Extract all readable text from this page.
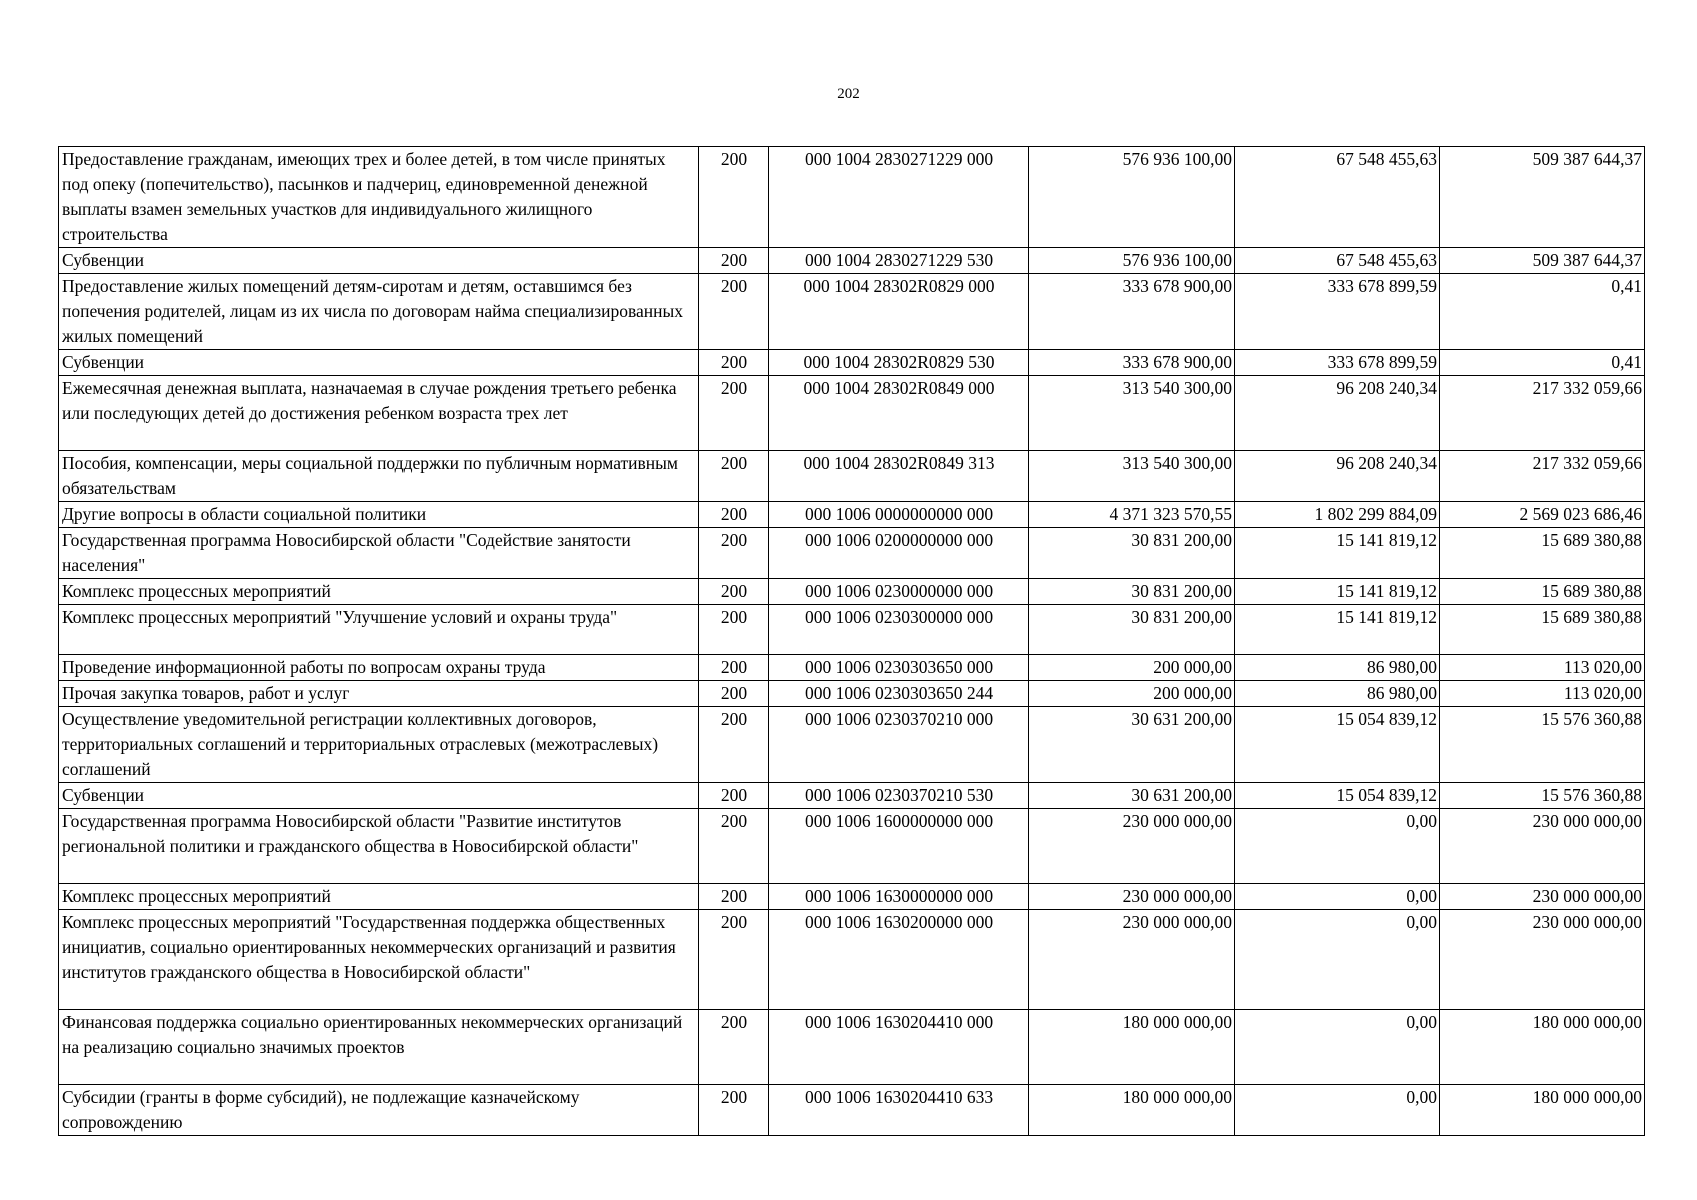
202
Предоставление гражданам, имеющих трех и более детей, в том числе принятых под опеку (попечительство), пасынков и падчериц, единовременной денежной выплаты взамен земельных участков для индивидуального жилищного строительства	200	000 1004 2830271229 000	576 936 100,00	67 548 455,63	509 387 644,37
Субвенции	200	000 1004 2830271229 530	576 936 100,00	67 548 455,63	509 387 644,37
Предоставление жилых помещений детям-сиротам и детям, оставшимся без попечения родителей, лицам из их числа по договорам найма специализированных жилых помещений	200	000 1004 28302R0829 000	333 678 900,00	333 678 899,59	0,41
Субвенции	200	000 1004 28302R0829 530	333 678 900,00	333 678 899,59	0,41
Ежемесячная денежная выплата, назначаемая в случае рождения третьего ребенка или последующих детей до достижения ребенком возраста трех лет	200	000 1004 28302R0849 000	313 540 300,00	96 208 240,34	217 332 059,66
Пособия, компенсации, меры социальной поддержки по публичным нормативным обязательствам	200	000 1004 28302R0849 313	313 540 300,00	96 208 240,34	217 332 059,66
Другие вопросы в области социальной политики	200	000 1006 0000000000 000	4 371 323 570,55	1 802 299 884,09	2 569 023 686,46
Государственная программа Новосибирской области "Содействие занятости населения"	200	000 1006 0200000000 000	30 831 200,00	15 141 819,12	15 689 380,88
Комплекс процессных мероприятий	200	000 1006 0230000000 000	30 831 200,00	15 141 819,12	15 689 380,88
Комплекс процессных мероприятий "Улучшение условий и охраны труда"	200	000 1006 0230300000 000	30 831 200,00	15 141 819,12	15 689 380,88
Проведение информационной работы по вопросам охраны труда	200	000 1006 0230303650 000	200 000,00	86 980,00	113 020,00
Прочая закупка товаров, работ и услуг	200	000 1006 0230303650 244	200 000,00	86 980,00	113 020,00
Осуществление уведомительной регистрации коллективных договоров, территориальных соглашений и территориальных отраслевых (межотраслевых) соглашений	200	000 1006 0230370210 000	30 631 200,00	15 054 839,12	15 576 360,88
Субвенции	200	000 1006 0230370210 530	30 631 200,00	15 054 839,12	15 576 360,88
Государственная программа Новосибирской области "Развитие институтов региональной политики и гражданского общества в Новосибирской области"	200	000 1006 1600000000 000	230 000 000,00	0,00	230 000 000,00
Комплекс процессных мероприятий	200	000 1006 1630000000 000	230 000 000,00	0,00	230 000 000,00
Комплекс процессных мероприятий "Государственная поддержка общественных инициатив, социально ориентированных некоммерческих организаций и развития институтов гражданского общества в Новосибирской области"	200	000 1006 1630200000 000	230 000 000,00	0,00	230 000 000,00
Финансовая поддержка социально ориентированных некоммерческих организаций на реализацию социально значимых проектов	200	000 1006 1630204410 000	180 000 000,00	0,00	180 000 000,00
Субсидии (гранты в форме субсидий), не подлежащие казначейскому сопровождению	200	000 1006 1630204410 633	180 000 000,00	0,00	180 000 000,00
